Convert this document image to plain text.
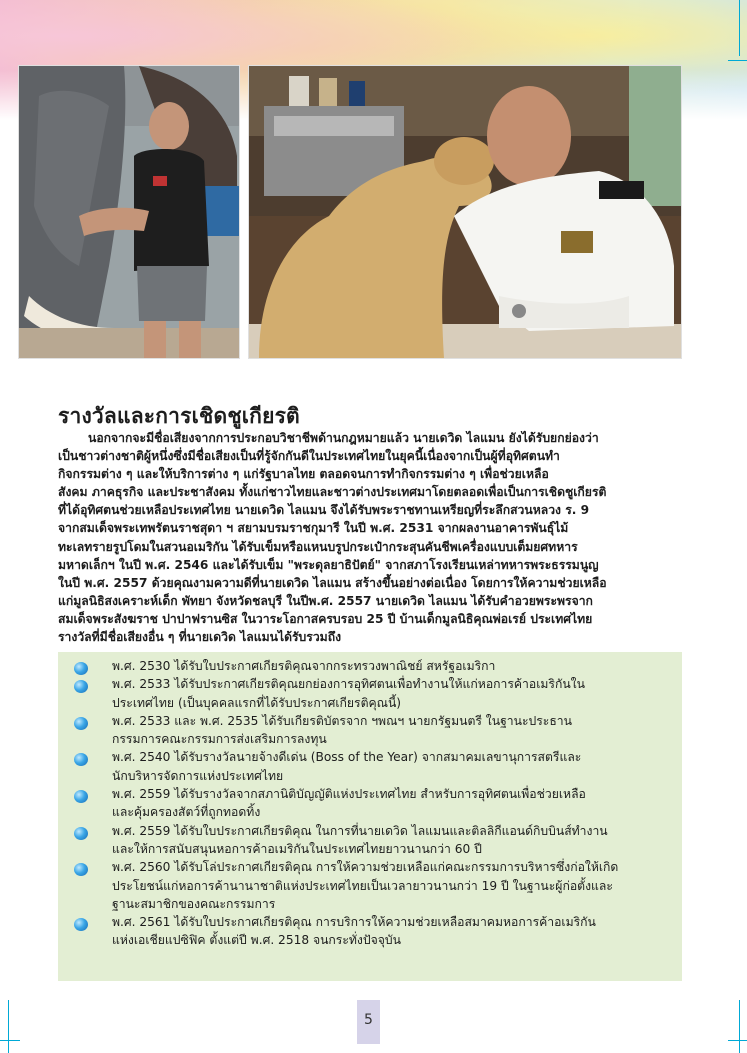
รางวัลและการเชิดชูเกียรติ

นอกจากจะมีชื่อเสียงจากการประกอบวิชาชีพด้านกฎหมายแล้ว นายเดวิด ไลแมน ยังได้รับยกย่องว่า

เป็นชาวต่างชาติผู้หนึ่งซึ่งมีชื่อเสียงเป็นที่รู้จักกันดีในประเทศไทยในยุคนี้เนื่องจากเป็นผู้ที่อุทิศตนทำ

กิจกรรมต่าง ๆ และให้บริการต่าง ๆ แก่รัฐบาลไทย ตลอดจนการทำกิจกรรมต่าง ๆ เพื่อช่วยเหลือ

สังคม ภาคธุรกิจ และประชาสังคม ทั้งแก่ชาวไทยและชาวต่างประเทศมาโดยตลอดเพื่อเป็นการเชิดชูเกียรติ

ที่ได้อุทิศตนช่วยเหลือประเทศไทย นายเดวิด ไลแมน จึงได้รับพระราชทานเหรียญที่ระลึกสวนหลวง ร. 9

จากสมเด็จพระเทพรัตนราชสุดา ฯ สยามบรมราชกุมารี ในปี พ.ศ. 2531 จากผลงานอาคารพันธุ์ไม้

ทะเลทรายรูปโดมในสวนอเมริกัน ได้รับเข็มหรือแหนบรูปกระเป๋ากระสุนคันชีพเครื่องแบบเต็มยศทหาร

มหาดเล็กฯ ในปี พ.ศ. 2546 และได้รับเข็ม "พระดุลยาธิปัตย์" จากสภาโรงเรียนเหล่าทหารพระธรรมนูญ

ในปี พ.ศ. 2557 ด้วยคุณงามความดีที่นายเดวิด ไลแมน สร้างขึ้นอย่างต่อเนื่อง โดยการให้ความช่วยเหลือ

แก่มูลนิธิสงเคราะห์เด็ก พัทยา จังหวัดชลบุรี ในปีพ.ศ. 2557 นายเดวิด ไลแมน ได้รับคำอวยพระพรจาก

สมเด็จพระสังฆราช ปาปาฟรานซิส ในวาระโอกาสครบรอบ 25 ปี บ้านเด็กมูลนิธิคุณพ่อเรย์ ประเทศไทย

รางวัลที่มีชื่อเสียงอื่น ๆ ที่นายเดวิด ไลแมนได้รับรวมถึง

พ.ศ. 2530 ได้รับใบประกาศเกียรติคุณจากกระทรวงพาณิชย์ สหรัฐอเมริกา
พ.ศ. 2533 ได้รับประกาศเกียรติคุณยกย่องการอุทิศตนเพื่อทำงานให้แก่หอการค้าอเมริกันใน
ประเทศไทย (เป็นบุคคลแรกที่ได้รับประกาศเกียรติคุณนี้)
พ.ศ. 2533 และ พ.ศ. 2535 ได้รับเกียรติบัตรจาก ฯพณฯ นายกรัฐมนตรี ในฐานะประธาน
กรรมการคณะกรรมการส่งเสริมการลงทุน
พ.ศ. 2540 ได้รับรางวัลนายจ้างดีเด่น (Boss of the Year) จากสมาคมเลขานุการสตรีและ
นักบริหารจัดการแห่งประเทศไทย
พ.ศ. 2559 ได้รับรางวัลจากสภานิติบัญญัติแห่งประเทศไทย สำหรับการอุทิศตนเพื่อช่วยเหลือ
และคุ้มครองสัตว์ที่ถูกทอดทิ้ง
พ.ศ. 2559 ได้รับใบประกาศเกียรติคุณ ในการที่นายเดวิด ไลแมนและติลลิกีแอนด์กิบบินส์ทำงาน
และให้การสนับสนุนหอการค้าอเมริกันในประเทศไทยยาวนานกว่า 60 ปี
พ.ศ. 2560 ได้รับโล่ประกาศเกียรติคุณ การให้ความช่วยเหลือแก่คณะกรรมการบริหารซึ่งก่อให้เกิด
ประโยชน์แก่หอการค้านานาชาติแห่งประเทศไทยเป็นเวลายาวนานกว่า 19 ปี ในฐานะผู้ก่อตั้งและ
ฐานะสมาชิกของคณะกรรมการ
พ.ศ. 2561 ได้รับใบประกาศเกียรติคุณ การบริการให้ความช่วยเหลือสมาคมหอการค้าอเมริกัน
แห่งเอเชียแปซิฟิค ตั้งแต่ปี พ.ศ. 2518 จนกระทั่งปัจจุบัน
5
